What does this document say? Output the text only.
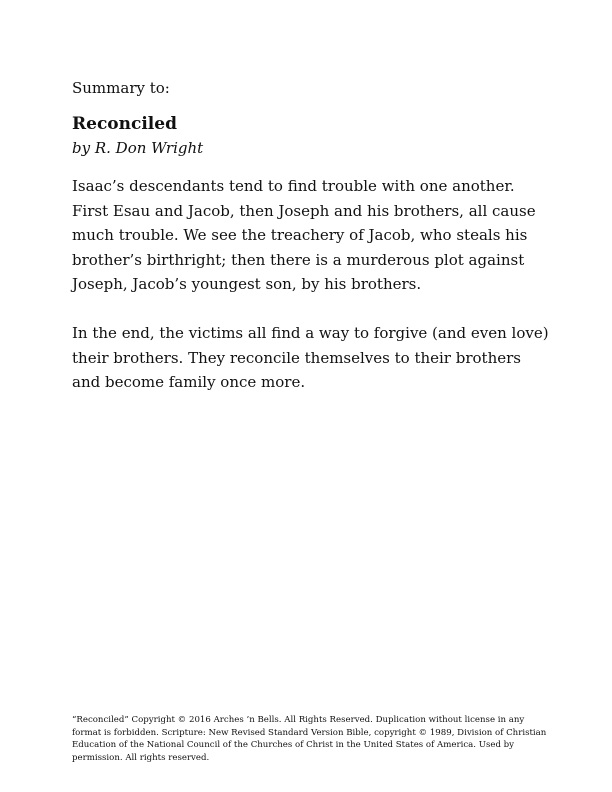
Summary to:
Reconciled
by R. Don Wright

Isaac’s descendants tend to find trouble with one another. First Esau and Jacob, then Joseph and his brothers, all cause much trouble. We see the treachery of Jacob, who steals his brother’s birthright; then there is a murderous plot against Joseph, Jacob’s youngest son, by his brothers.

In the end, the victims all find a way to forgive (and even love) their brothers. They reconcile themselves to their brothers and become family once more.

“Reconciled” Copyright © 2016 Arches ’n Bells. All Rights Reserved. Duplication without license in any format is forbidden. Scripture: New Revised Standard Version Bible, copyright © 1989, Division of Christian Education of the National Council of the Churches of Christ in the United States of America. Used by permission. All rights reserved.
